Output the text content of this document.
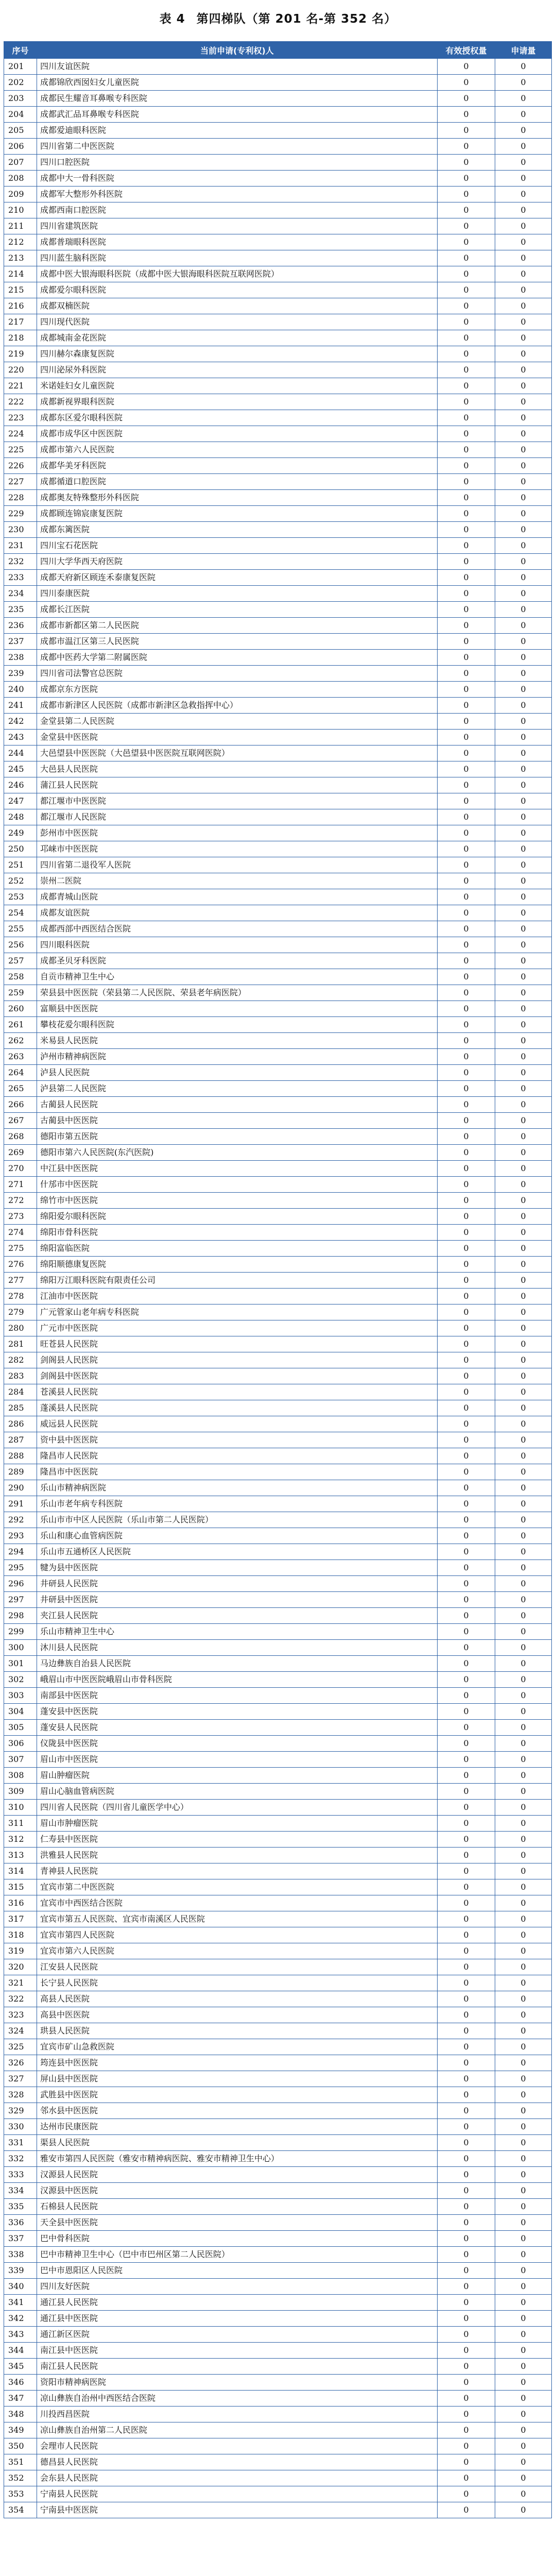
表 4 第四梯队（第 201 名-第 352 名）
序号	当前申请(专利权)人	有效授权量	申请量
201	四川友谊医院	0	0
202	成都锦欣西囡妇女儿童医院	0	0
203	成都民生耀音耳鼻喉专科医院	0	0
204	成都武汇品耳鼻喉专科医院	0	0
205	成都爱迪眼科医院	0	0
206	四川省第二中医医院	0	0
207	四川口腔医院	0	0
208	成都中大一骨科医院	0	0
209	成都军大整形外科医院	0	0
210	成都西南口腔医院	0	0
211	四川省建筑医院	0	0
212	成都普瑞眼科医院	0	0
213	四川蓝生脑科医院	0	0
214	成都中医大银海眼科医院（成都中医大银海眼科医院互联网医院）	0	0
215	成都爱尔眼科医院	0	0
216	成都双楠医院	0	0
217	四川现代医院	0	0
218	成都城南金花医院	0	0
219	四川赫尔森康复医院	0	0
220	四川泌尿外科医院	0	0
221	米诺娃妇女儿童医院	0	0
222	成都新视界眼科医院	0	0
223	成都东区爱尔眼科医院	0	0
224	成都市成华区中医医院	0	0
225	成都市第六人民医院	0	0
226	成都华美牙科医院	0	0
227	成都循道口腔医院	0	0
228	成都奥友特殊整形外科医院	0	0
229	成都顾连锦宸康复医院	0	0
230	成都东篱医院	0	0
231	四川宝石花医院	0	0
232	四川大学华西天府医院	0	0
233	成都天府新区顾连禾泰康复医院	0	0
234	四川泰康医院	0	0
235	成都长江医院	0	0
236	成都市新都区第二人民医院	0	0
237	成都市温江区第三人民医院	0	0
238	成都中医药大学第二附属医院	0	0
239	四川省司法警官总医院	0	0
240	成都京东方医院	0	0
241	成都市新津区人民医院（成都市新津区急救指挥中心）	0	0
242	金堂县第二人民医院	0	0
243	金堂县中医医院	0	0
244	大邑望县中医医院（大邑望县中医医院互联网医院）	0	0
245	大邑县人民医院	0	0
246	蒲江县人民医院	0	0
247	都江堰市中医医院	0	0
248	都江堰市人民医院	0	0
249	彭州市中医医院	0	0
250	邛崃市中医医院	0	0
251	四川省第二退役军人医院	0	0
252	崇州二医院	0	0
253	成都青城山医院	0	0
254	成都友谊医院	0	0
255	成都西部中西医结合医院	0	0
256	四川眼科医院	0	0
257	成都圣贝牙科医院	0	0
258	自贡市精神卫生中心	0	0
259	荣县县中医医院（荣县第二人民医院、荣县老年病医院）	0	0
260	富顺县中医医院	0	0
261	攀枝花爱尔眼科医院	0	0
262	米易县人民医院	0	0
263	泸州市精神病医院	0	0
264	泸县人民医院	0	0
265	泸县第二人民医院	0	0
266	古蔺县人民医院	0	0
267	古蔺县中医医院	0	0
268	德阳市第五医院	0	0
269	德阳市第六人民医院(东汽医院)	0	0
270	中江县中医医院	0	0
271	什邡市中医医院	0	0
272	绵竹市中医医院	0	0
273	绵阳爱尔眼科医院	0	0
274	绵阳市骨科医院	0	0
275	绵阳富临医院	0	0
276	绵阳顺德康复医院	0	0
277	绵阳万江眼科医院有限责任公司	0	0
278	江油市中医医院	0	0
279	广元管家山老年病专科医院	0	0
280	广元市中医医院	0	0
281	旺苍县人民医院	0	0
282	剑阁县人民医院	0	0
283	剑阁县中医医院	0	0
284	苍溪县人民医院	0	0
285	蓬溪县人民医院	0	0
286	威远县人民医院	0	0
287	资中县中医医院	0	0
288	隆昌市人民医院	0	0
289	隆昌市中医医院	0	0
290	乐山市精神病医院	0	0
291	乐山市老年病专科医院	0	0
292	乐山市市中区人民医院（乐山市第二人民医院）	0	0
293	乐山和康心血管病医院	0	0
294	乐山市五通桥区人民医院	0	0
295	犍为县中医医院	0	0
296	井研县人民医院	0	0
297	井研县中医医院	0	0
298	夹江县人民医院	0	0
299	乐山市精神卫生中心	0	0
300	沐川县人民医院	0	0
301	马边彝族自治县人民医院	0	0
302	峨眉山市中医医院峨眉山市骨科医院	0	0
303	南部县中医医院	0	0
304	蓬安县中医医院	0	0
305	蓬安县人民医院	0	0
306	仪陇县中医医院	0	0
307	眉山市中医医院	0	0
308	眉山肿瘤医院	0	0
309	眉山心脑血管病医院	0	0
310	四川省人民医院（四川省儿童医学中心）	0	0
311	眉山市肿瘤医院	0	0
312	仁寿县中医医院	0	0
313	洪雅县人民医院	0	0
314	青神县人民医院	0	0
315	宜宾市第二中医医院	0	0
316	宜宾市中西医结合医院	0	0
317	宜宾市第五人民医院、宜宾市南溪区人民医院	0	0
318	宜宾市第四人民医院	0	0
319	宜宾市第六人民医院	0	0
320	江安县人民医院	0	0
321	长宁县人民医院	0	0
322	高县人民医院	0	0
323	高县中医医院	0	0
324	珙县人民医院	0	0
325	宜宾市矿山急救医院	0	0
326	筠连县中医医院	0	0
327	屏山县中医医院	0	0
328	武胜县中医医院	0	0
329	邻水县中医医院	0	0
330	达州市民康医院	0	0
331	渠县人民医院	0	0
332	雅安市第四人民医院（雅安市精神病医院、雅安市精神卫生中心）	0	0
333	汉源县人民医院	0	0
334	汉源县中医医院	0	0
335	石棉县人民医院	0	0
336	天全县中医医院	0	0
337	巴中骨科医院	0	0
338	巴中市精神卫生中心（巴中市巴州区第二人民医院）	0	0
339	巴中市恩阳区人民医院	0	0
340	四川友好医院	0	0
341	通江县人民医院	0	0
342	通江县中医医院	0	0
343	通江新区医院	0	0
344	南江县中医医院	0	0
345	南江县人民医院	0	0
346	资阳市精神病医院	0	0
347	凉山彝族自治州中西医结合医院	0	0
348	川投西昌医院	0	0
349	凉山彝族自治州第二人民医院	0	0
350	会理市人民医院	0	0
351	德昌县人民医院	0	0
352	会东县人民医院	0	0
353	宁南县人民医院	0	0
354	宁南县中医医院	0	0
